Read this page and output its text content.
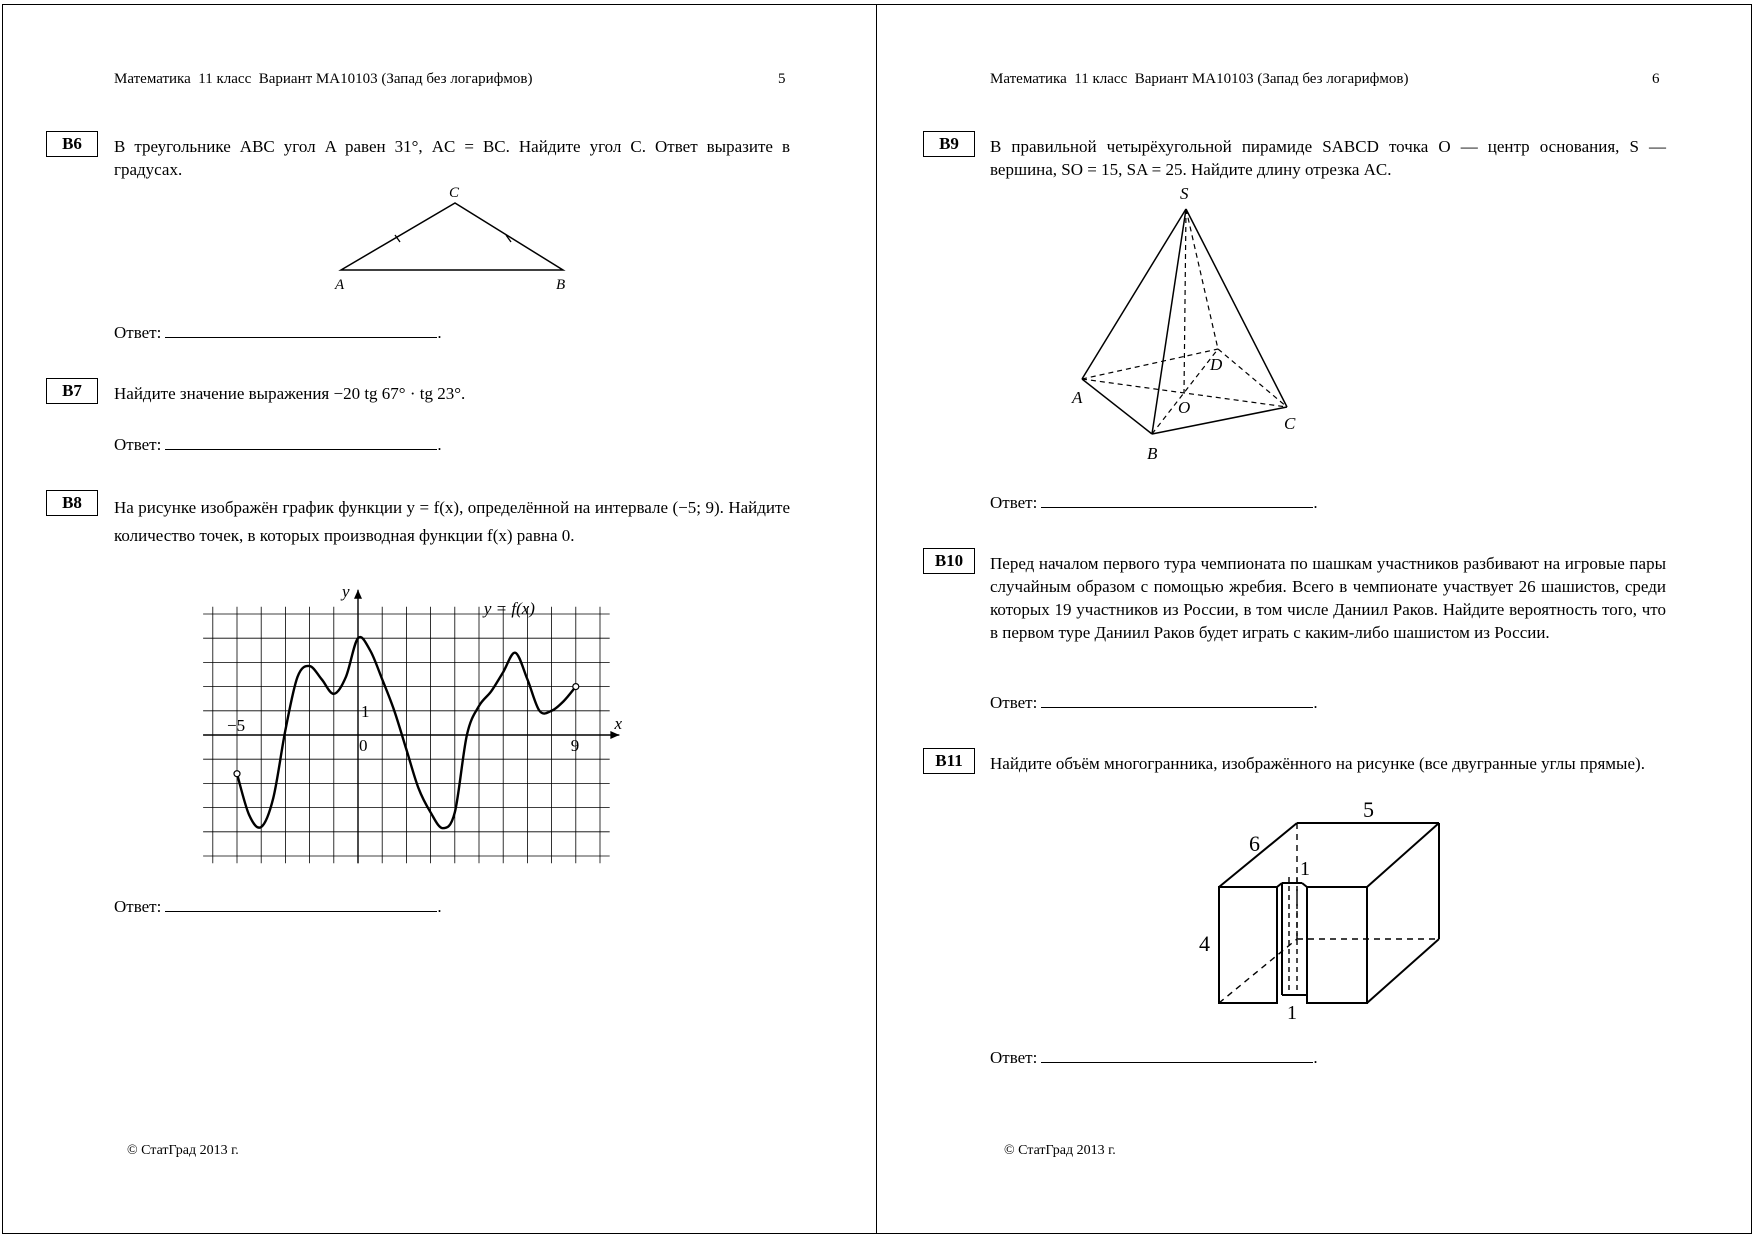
Математика 11 класс Вариант МА10103 (Запад без логарифмов)	5
B6	В треугольнике ABC угол A равен 31°, AC = BC. Найдите угол C. Ответ выразите в градусах.
A	B
C
Ответ:	.
B7	Найдите значение выражения −20 tg 67° · tg 23°.
Ответ:	.
B8	На рисунке изображён график функции y = f(x), определённой на интервале (−5; 9). Найдите количество точек, в которых производная функции f(x) равна 0.
y
x
y = f(x)
−5
0
1
9
Ответ:	.
© СтатГрад 2013 г.
Математика 11 класс Вариант МА10103 (Запад без логарифмов)	6
B9	В правильной четырёхугольной пирамиде SABCD точка O — центр основания, S — вершина, SO = 15, SA = 25. Найдите длину отрезка AC.
S
A
B
C
D
O
Ответ:	.
B10	Перед началом первого тура чемпионата по шашкам участников разбивают на игровые пары случайным образом с помощью жребия. Всего в чемпионате участвует 26 шашистов, среди которых 19 участников из России, в том числе Даниил Раков. Найдите вероятность того, что в первом туре Даниил Раков будет играть с каким-либо шашистом из России.
Ответ:	.
B11	Найдите объём многогранника, изображённого на рисунке (все двугранные углы прямые).
5
6
4
1
1
Ответ:	.
© СтатГрад 2013 г.
